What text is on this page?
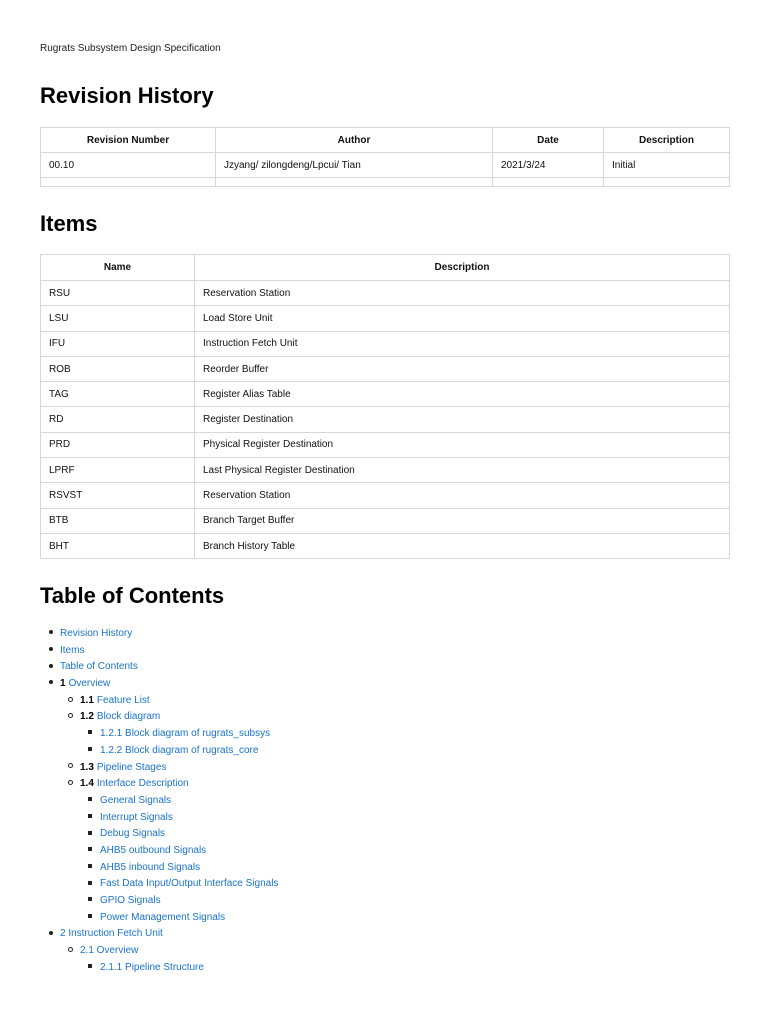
Rugrats Subsystem Design Specification
Revision History
Revision Number	Author	Date	Description
00.10	Jzyang/ zilongdeng/Lpcui/ Tian	2021/3/24	Initial

Items
Name	Description
RSU	Reservation Station
LSU	Load Store Unit
IFU	Instruction Fetch Unit
ROB	Reorder Buffer
TAG	Register Alias Table
RD	Register Destination
PRD	Physical Register Destination
LPRF	Last Physical Register Destination
RSVST	Reservation Station
BTB	Branch Target Buffer
BHT	Branch History Table
Table of Contents
Revision History
Items
Table of Contents
1 Overview
1.1 Feature List
1.2 Block diagram
1.2.1 Block diagram of rugrats_subsys
1.2.2 Block diagram of rugrats_core
1.3 Pipeline Stages
1.4 Interface Description
General Signals
Interrupt Signals
Debug Signals
AHB5 outbound Signals
AHB5 inbound Signals
Fast Data Input/Output Interface Signals
GPIO Signals
Power Management Signals
2 Instruction Fetch Unit
2.1 Overview
2.1.1 Pipeline Structure
